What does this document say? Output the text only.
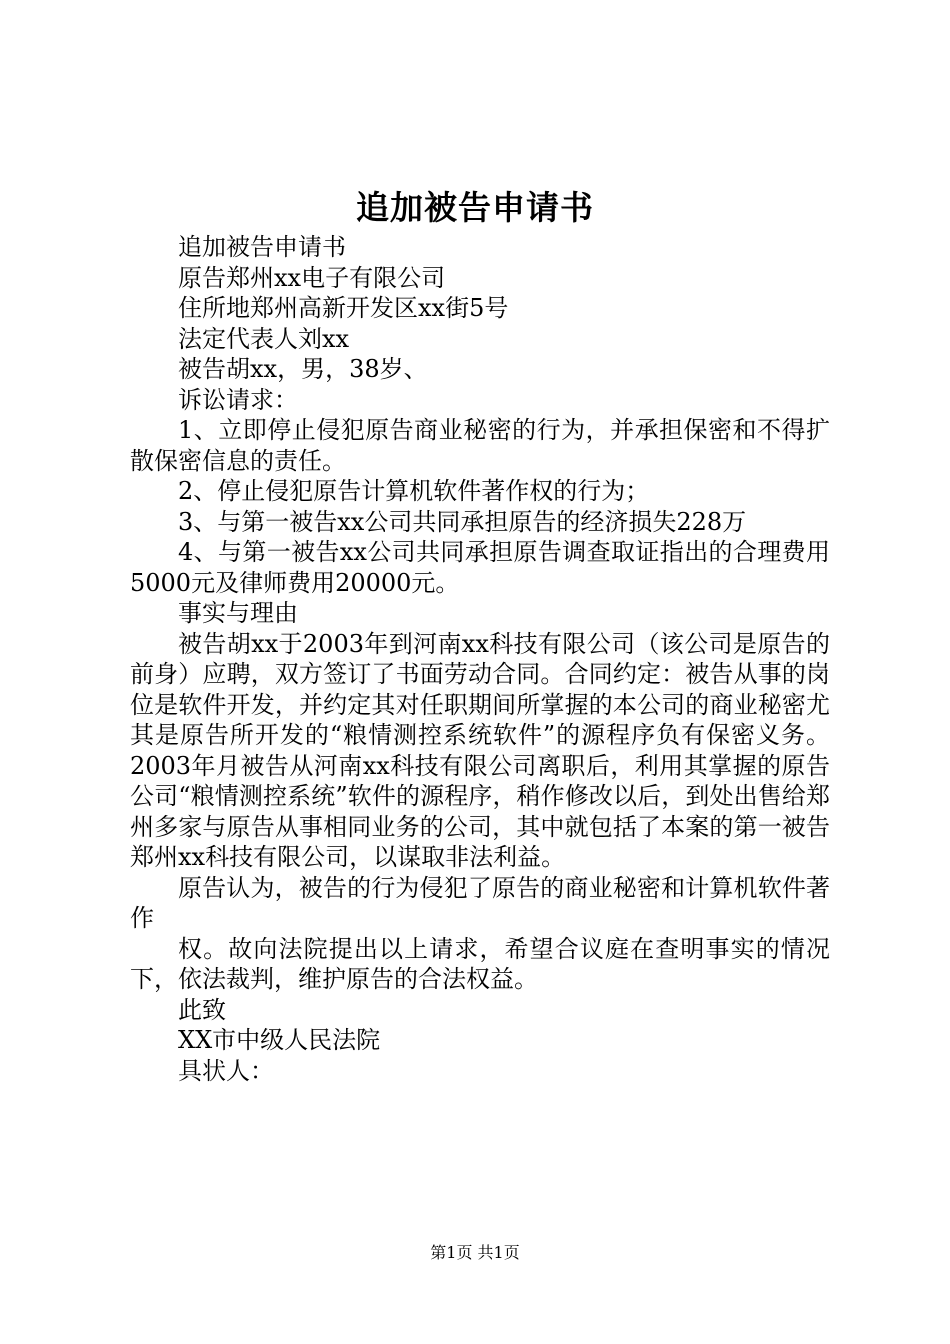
追加被告申请书

追加被告申请书

原告郑州xx电子有限公司

住所地郑州高新开发区xx街5号

法定代表人刘xx

被告胡xx，男，38岁、

诉讼请求：

1、立即停止侵犯原告商业秘密的行为，并承担保密和不得扩散保密信息的责任。

2、停止侵犯原告计算机软件著作权的行为；

3、与第一被告xx公司共同承担原告的经济损失228万

4、与第一被告xx公司共同承担原告调查取证指出的合理费用5000元及律师费用20000元。

事实与理由

被告胡xx于2003年到河南xx科技有限公司（该公司是原告的前身）应聘，双方签订了书面劳动合同。合同约定：被告从事的岗位是软件开发，并约定其对任职期间所掌握的本公司的商业秘密尤其是原告所开发的“粮情测控系统软件”的源程序负有保密义务。2003年月被告从河南xx科技有限公司离职后，利用其掌握的原告公司“粮情测控系统”软件的源程序，稍作修改以后，到处出售给郑州多家与原告从事相同业务的公司，其中就包括了本案的第一被告郑州xx科技有限公司，以谋取非法利益。

原告认为，被告的行为侵犯了原告的商业秘密和计算机软件著作

权。故向法院提出以上请求，希望合议庭在查明事实的情况下，依法裁判，维护原告的合法权益。

此致

XX市中级人民法院

具状人：

第1页 共1页
